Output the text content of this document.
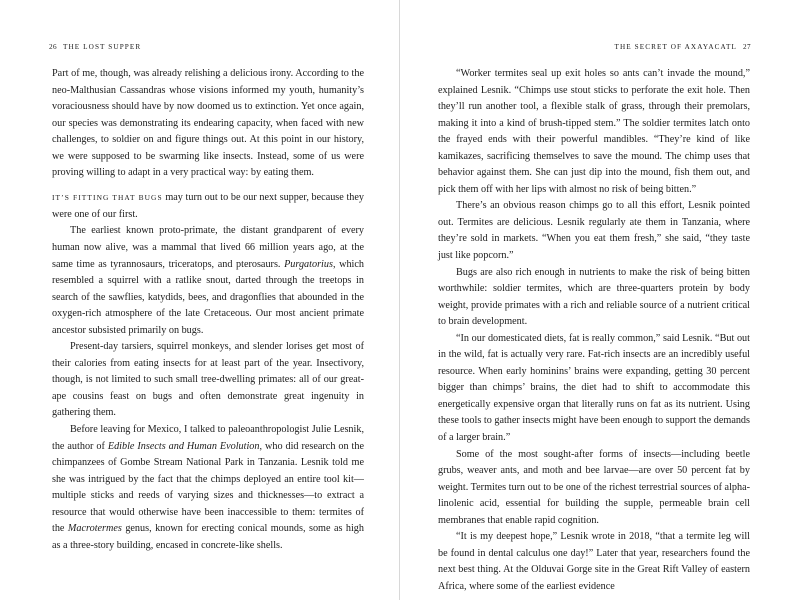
26 THE LOST SUPPER

Part of me, though, was already relishing a delicious irony. According to the neo-Malthusian Cassandras whose visions informed my youth, humanity’s voraciousness should have by now doomed us to extinction. Yet once again, our species was demonstrating its endearing capacity, when faced with new challenges, to soldier on and figure things out. At this point in our history, we were supposed to be swarming like insects. Instead, some of us were proving willing to adapt in a very practical way: by eating them.

IT’S FITTING THAT BUGS may turn out to be our next supper, because they were one of our first.

The earliest known proto-primate, the distant grandparent of every human now alive, was a mammal that lived 66 million years ago, at the same time as tyrannosaurs, triceratops, and pterosaurs. Purgatorius, which resembled a squirrel with a ratlike snout, darted through the treetops in search of the sawflies, katydids, bees, and dragonflies that abounded in the oxygen-rich atmosphere of the late Cretaceous. Our most ancient primate ancestor subsisted primarily on bugs.

Present-day tarsiers, squirrel monkeys, and slender lorises get most of their calories from eating insects for at least part of the year. Insectivory, though, is not limited to such small tree-dwelling primates: all of our great-ape cousins feast on bugs and often demonstrate great ingenuity in gathering them.

Before leaving for Mexico, I talked to paleoanthropologist Julie Lesnik, the author of Edible Insects and Human Evolution, who did research on the chimpanzees of Gombe Stream National Park in Tanzania. Lesnik told me she was intrigued by the fact that the chimps deployed an entire tool kit—multiple sticks and reeds of varying sizes and thicknesses—to extract a resource that would otherwise have been inaccessible to them: termites of the Macrotermes genus, known for erecting conical mounds, some as high as a three-story building, encased in concrete-like shells.

THE SECRET OF AXAYACATL 27

“Worker termites seal up exit holes so ants can’t invade the mound,” explained Lesnik. “Chimps use stout sticks to perforate the exit hole. Then they’ll run another tool, a flexible stalk of grass, through their premolars, making it into a kind of brush-tipped stem.” The soldier termites latch onto the frayed ends with their powerful mandibles. “They’re kind of like kamikazes, sacrificing themselves to save the mound. The chimp uses that behavior against them. She can just dip into the mound, fish them out, and pick them off with her lips with almost no risk of being bitten.”

There’s an obvious reason chimps go to all this effort, Lesnik pointed out. Termites are delicious. Lesnik regularly ate them in Tanzania, where they’re sold in markets. “When you eat them fresh,” she said, “they taste just like popcorn.”

Bugs are also rich enough in nutrients to make the risk of being bitten worthwhile: soldier termites, which are three-quarters protein by body weight, provide primates with a rich and reliable source of a nutrient critical to brain development.

“In our domesticated diets, fat is really common,” said Lesnik. “But out in the wild, fat is actually very rare. Fat-rich insects are an incredibly useful resource. When early hominins’ brains were expanding, getting 30 percent bigger than chimps’ brains, the diet had to shift to accommodate this energetically expensive organ that literally runs on fat as its nutrient. Using these tools to gather insects might have been enough to support the demands of a larger brain.”

Some of the most sought-after forms of insects—including beetle grubs, weaver ants, and moth and bee larvae—are over 50 percent fat by weight. Termites turn out to be one of the richest terrestrial sources of alpha-linolenic acid, essential for building the supple, permeable brain cell membranes that enable rapid cognition.

“It is my deepest hope,” Lesnik wrote in 2018, “that a termite leg will be found in dental calculus one day!” Later that year, researchers found the next best thing. At the Olduvai Gorge site in the Great Rift Valley of eastern Africa, where some of the earliest evidence
